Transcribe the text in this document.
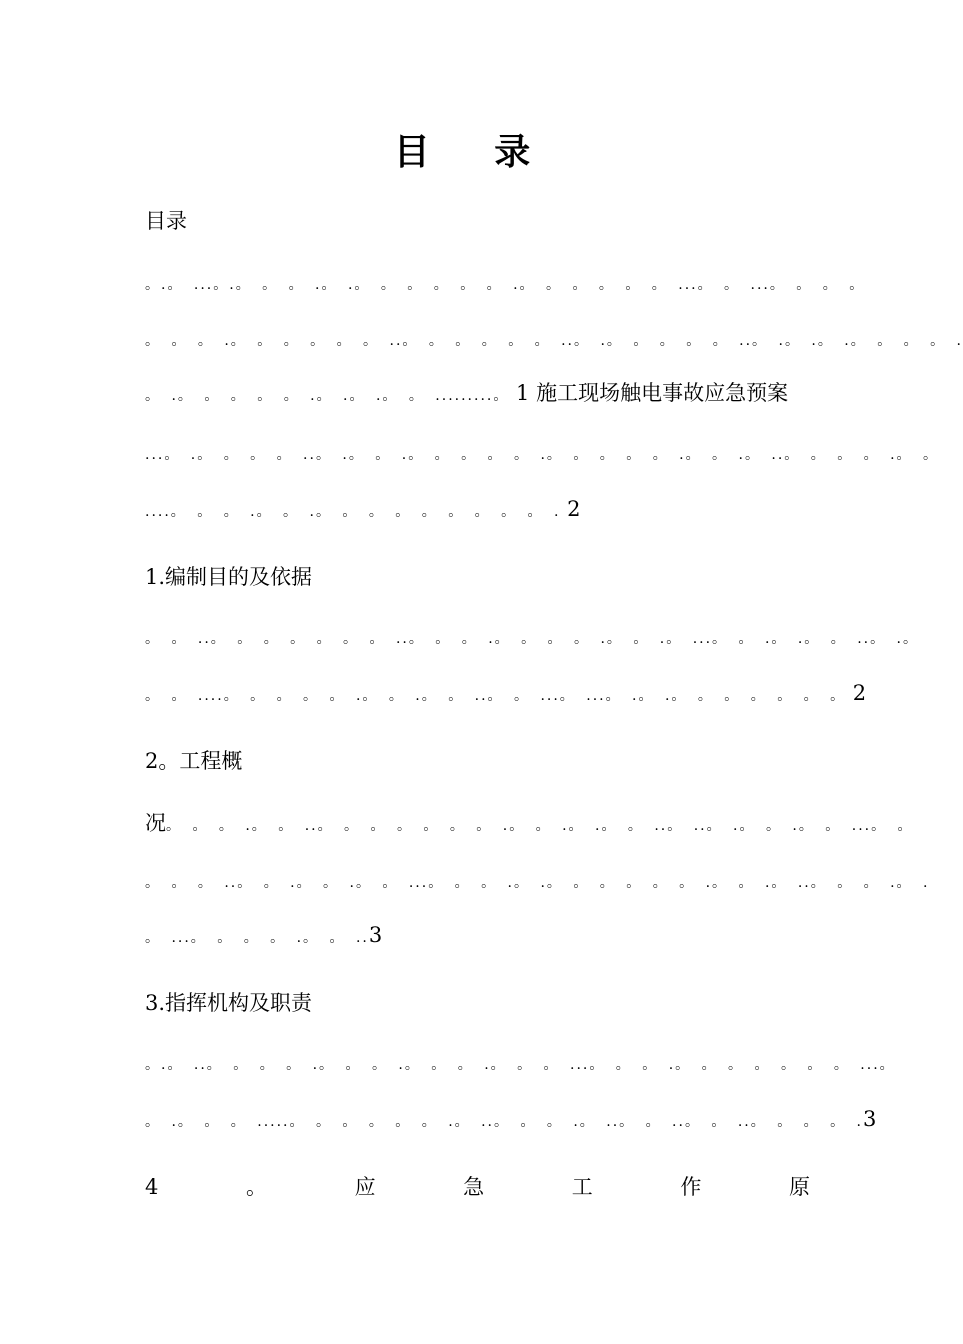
目 录
目录
。.。 ...。.。 。 。 .。 .。 。 。 。 。 。 .。 。 。 。 。 。 ...。 。 ...。 。 。 。
。 。 。 .。 。 。 。 。 。 ..。 。 。 。 。 。 ..。 .。 。 。 。 。 ..。 .。 .。 .。 。 。 。 .
。 .。 。 。 。 。 .。 .。 .。 。 .........。 1 施工现场触电事故应急预案
...。 .。 。 。 。 ..。 .。 。 .。 。 。 。 。 .。 。 。 。 。 .。 。 .。 ..。 。 。 。 .。 。
....。 。 。 .。 。 .。 。 。 。 。 。 。 。 。 . 2
1.编制目的及依据
。 。 ..。 。 。 。 。 。 。 ..。 。 。 .。 。 。 。 .。 。 .。 ...。 。 .。 .。 。 ..。 .。
。 。 ....。 。 。 。 。 .。 。 .。 。 ..。 。 ...。 ...。 .。 .。 。 。 。 。 。 。 2
2。工程概
况。 。 。 .。 。 ..。 。 。 。 。 。 。 .。 。 .。 .。 。 ..。 ..。 .。 。 .。 。 ...。 。
。 。 。 ..。 。 .。 。 .。 。 ...。 。 。 .。 .。 。 。 。 。 。 .。 。 .。 ..。 。 。 .。 .
。 ...。 。 。 。 .。 。 ..3
3.指挥机构及职责
。.。 ..。 。 。 。 .。 。 。 .。 。 。 .。 。 。 ...。 。 。 .。 。 。 。 。 。 。 ...。
。 .。 。 。 .....。 。 。 。 。 。 .。 ..。 。 。 .。 ..。 。 ..。 。 ..。 。 。 。 .3
4	。	应	急	工	作	原
